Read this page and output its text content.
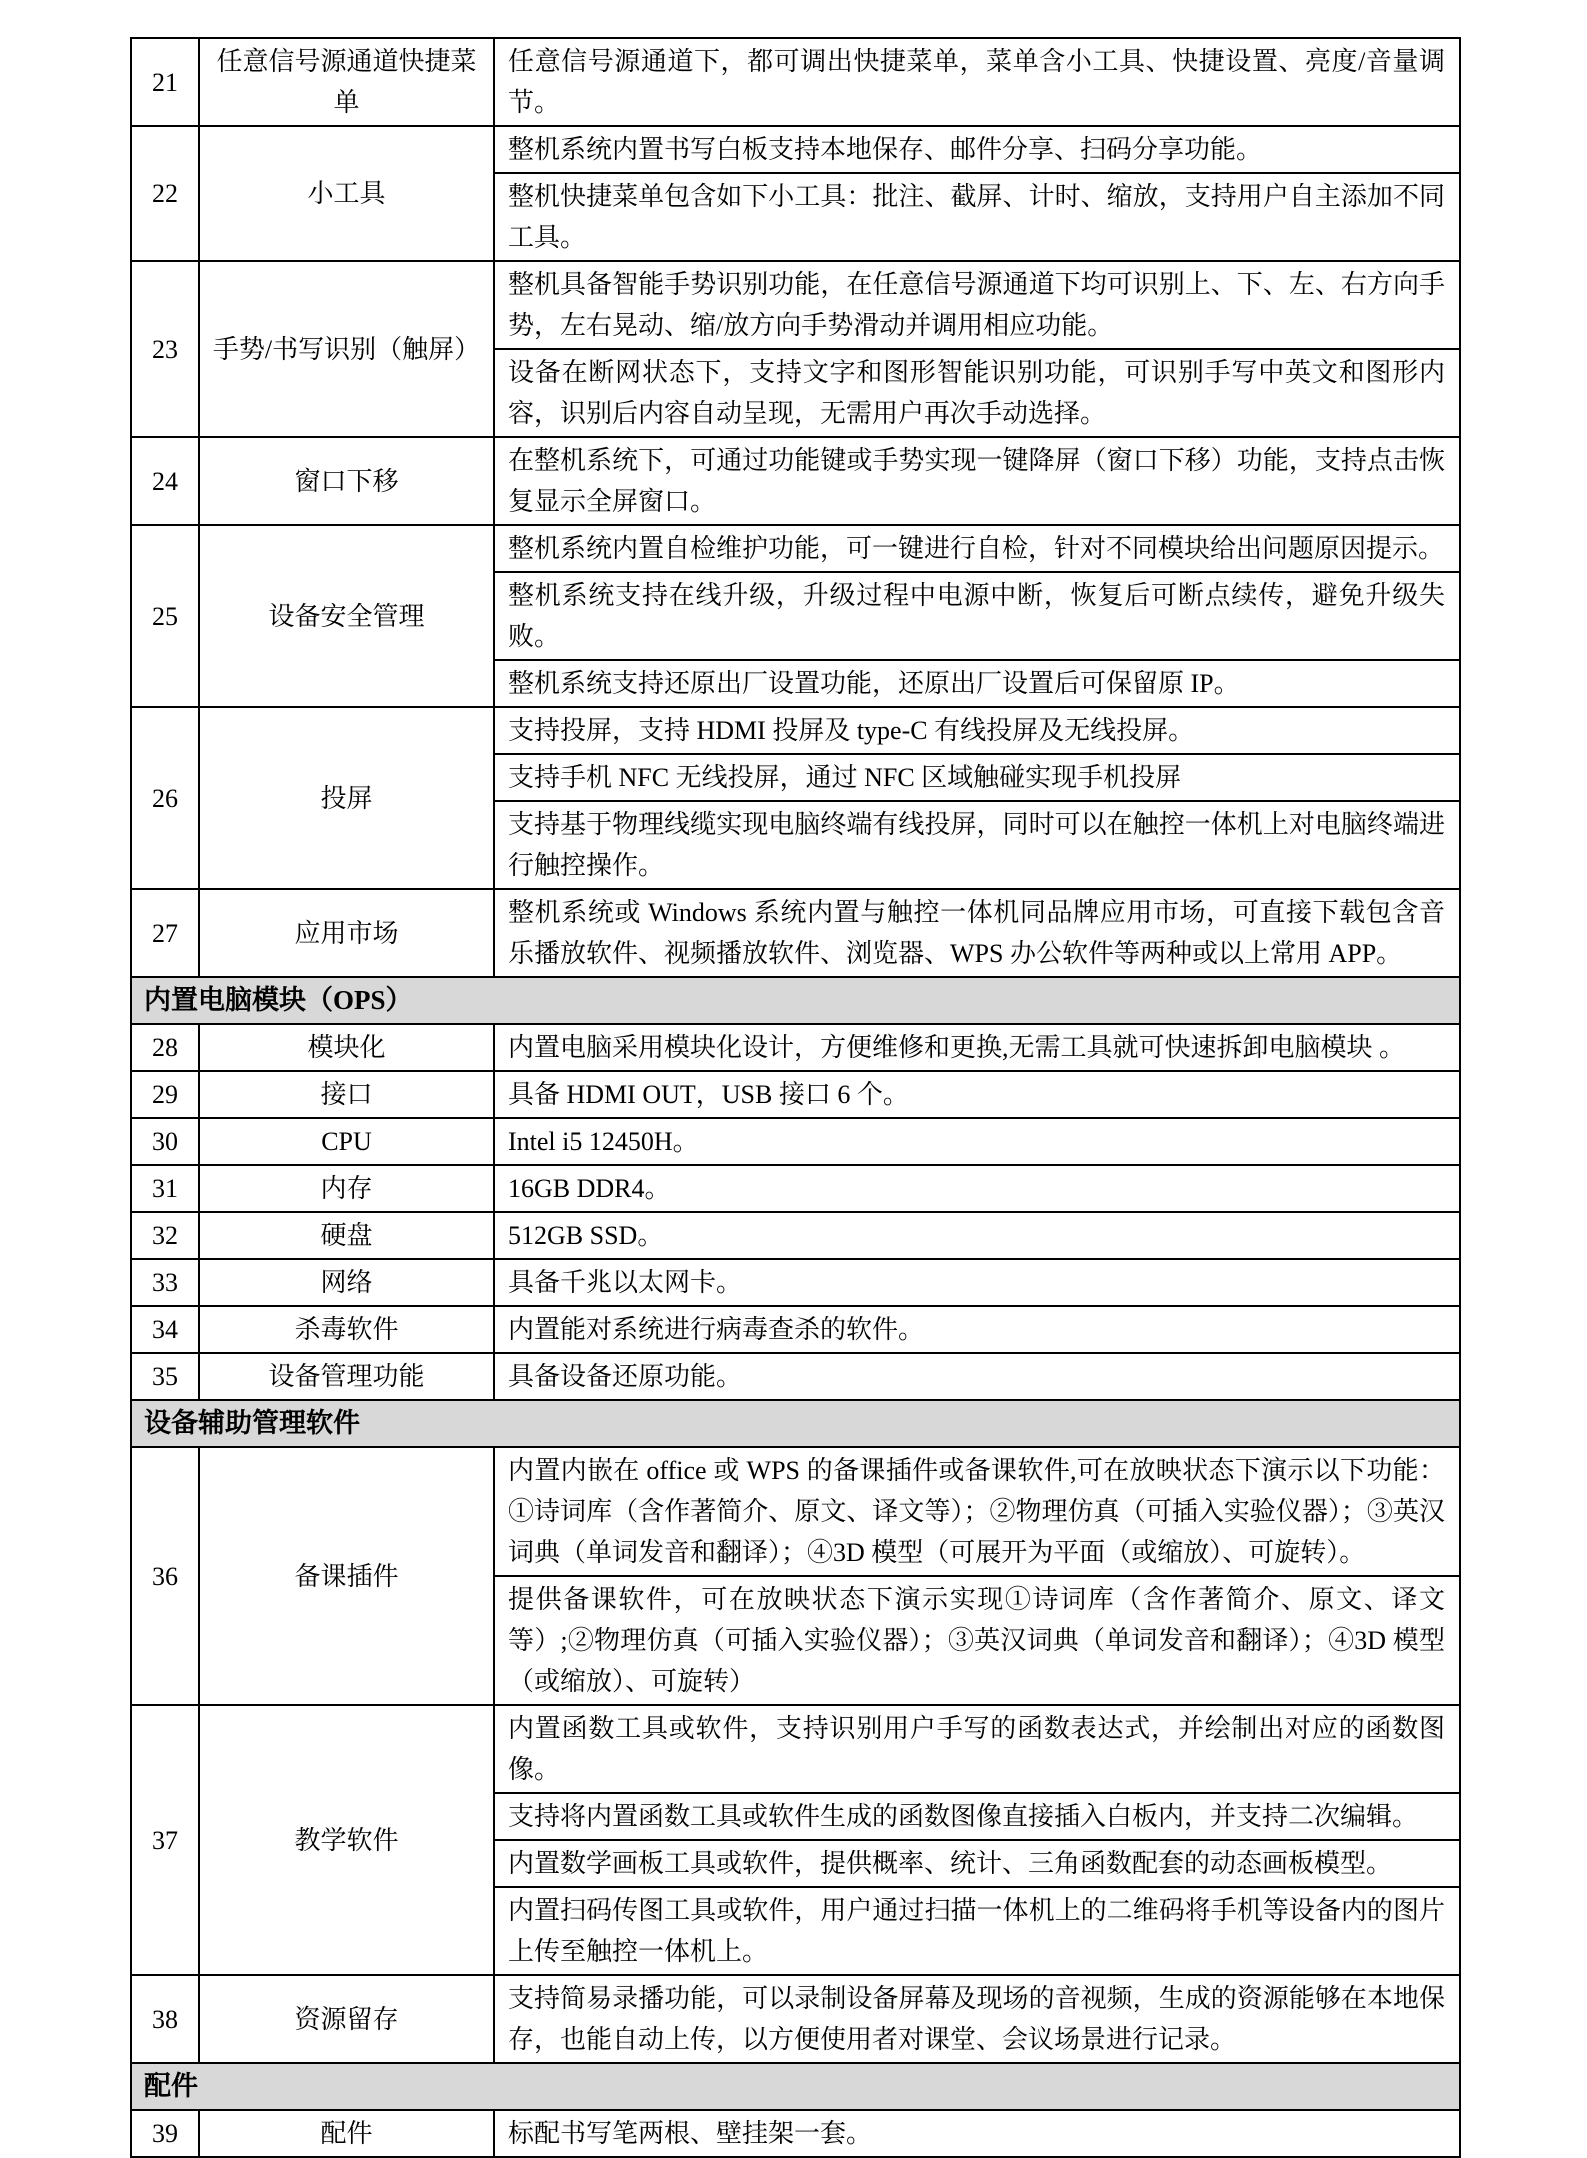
21	任意信号源通道快捷菜单	任意信号源通道下，都可调出快捷菜单，菜单含小工具、快捷设置、亮度/音量调节。
22	小工具	整机系统内置书写白板支持本地保存、邮件分享、扫码分享功能。
		整机快捷菜单包含如下小工具：批注、截屏、计时、缩放，支持用户自主添加不同工具。
23	手势/书写识别（触屏）	整机具备智能手势识别功能，在任意信号源通道下均可识别上、下、左、右方向手势，左右晃动、缩/放方向手势滑动并调用相应功能。
		设备在断网状态下，支持文字和图形智能识别功能，可识别手写中英文和图形内容，识别后内容自动呈现，无需用户再次手动选择。
24	窗口下移	在整机系统下，可通过功能键或手势实现一键降屏（窗口下移）功能，支持点击恢复显示全屏窗口。
25	设备安全管理	整机系统内置自检维护功能，可一键进行自检，针对不同模块给出问题原因提示。
		整机系统支持在线升级，升级过程中电源中断，恢复后可断点续传，避免升级失败。
		整机系统支持还原出厂设置功能，还原出厂设置后可保留原 IP。
26	投屏	支持投屏，支持 HDMI 投屏及 type-C 有线投屏及无线投屏。
		支持手机 NFC 无线投屏，通过 NFC 区域触碰实现手机投屏
		支持基于物理线缆实现电脑终端有线投屏，同时可以在触控一体机上对电脑终端进行触控操作。
27	应用市场	整机系统或 Windows 系统内置与触控一体机同品牌应用市场，可直接下载包含音乐播放软件、视频播放软件、浏览器、WPS 办公软件等两种或以上常用 APP。
内置电脑模块（OPS）		
28	模块化	内置电脑采用模块化设计，方便维修和更换,无需工具就可快速拆卸电脑模块 。
29	接口	具备 HDMI OUT，USB 接口 6 个。
30	CPU	Intel i5 12450H。
31	内存	16GB DDR4。
32	硬盘	512GB SSD。
33	网络	具备千兆以太网卡。
34	杀毒软件	内置能对系统进行病毒查杀的软件。
35	设备管理功能	具备设备还原功能。
设备辅助管理软件		
36	备课插件	内置内嵌在 office 或 WPS 的备课插件或备课软件,可在放映状态下演示以下功能：①诗词库（含作著简介、原文、译文等）；②物理仿真（可插入实验仪器）；③英汉词典（单词发音和翻译）；④3D 模型（可展开为平面（或缩放）、可旋转）。
		提供备课软件，可在放映状态下演示实现①诗词库（含作著简介、原文、译文等）;②物理仿真（可插入实验仪器）；③英汉词典（单词发音和翻译）；④3D 模型（或缩放）、可旋转）
37	教学软件	内置函数工具或软件，支持识别用户手写的函数表达式，并绘制出对应的函数图像。
		支持将内置函数工具或软件生成的函数图像直接插入白板内，并支持二次编辑。
		内置数学画板工具或软件，提供概率、统计、三角函数配套的动态画板模型。
		内置扫码传图工具或软件，用户通过扫描一体机上的二维码将手机等设备内的图片上传至触控一体机上。
38	资源留存	支持简易录播功能，可以录制设备屏幕及现场的音视频，生成的资源能够在本地保存，也能自动上传，以方便使用者对课堂、会议场景进行记录。
配件		
39	配件	标配书写笔两根、壁挂架一套。
